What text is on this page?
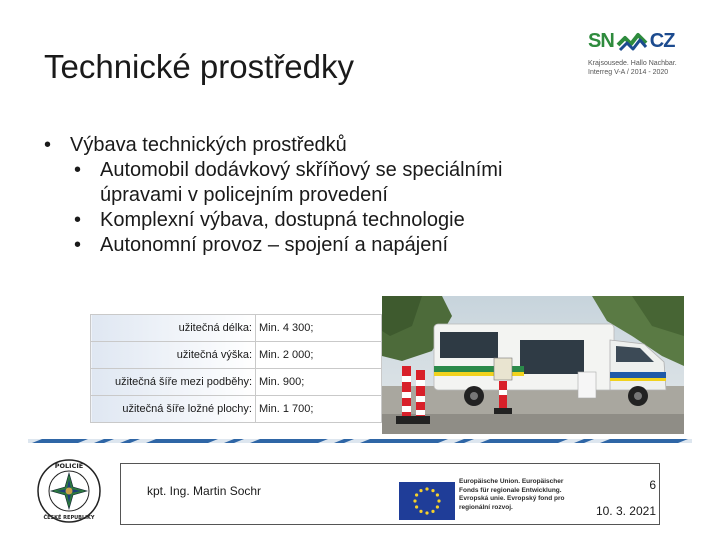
Technické prostředky
SN CZ
Krajsousede. Hallo Nachbar.
Interreg V-A / 2014 - 2020
• Výbava technických prostředků
• Automobil dodávkový skříňový se speciálními
úpravami v policejním provedení
• Komplexní výbava, dostupná technologie
• Autonomní provoz – spojení a napájení
užitečná délka:	Min. 4 300;
užitečná výška:	Min. 2 000;
užitečná šíře mezi podběhy:	Min. 900;
užitečná šíře ložné plochy:	Min. 1 700;
POLICIE
ČESKÉ REPUBLIKY
kpt. Ing. Martin Sochr
Europäische Union. Europäischer
Fonds für regionale Entwicklung.
Evropská unie. Evropský fond pro
regionální rozvoj.
6
10. 3. 2021
